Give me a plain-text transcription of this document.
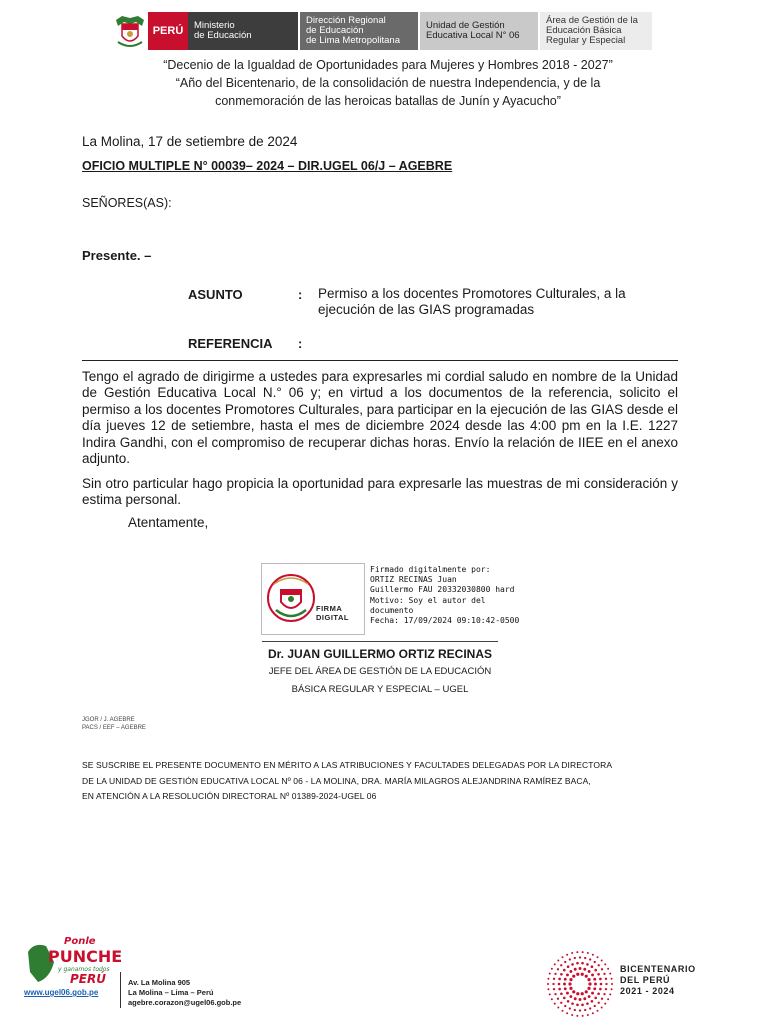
PERÚ Ministerio
de Educación
Dirección Regional
de Educación
de Lima Metropolitana
Unidad de Gestión
Educativa Local N° 06
Área de Gestión de la
Educación Básica
Regular y Especial
“Decenio de la Igualdad de Oportunidades para Mujeres y Hombres 2018 - 2027”
“Año del Bicentenario, de la consolidación de nuestra Independencia, y de la
conmemoración de las heroicas batallas de Junín y Ayacucho”
La Molina, 17 de setiembre de 2024
OFICIO MULTIPLE N° 00039– 2024 – DIR.UGEL 06/J – AGEBRE
SEÑORES(AS):
Presente. –
ASUNTO	: Permiso a los docentes Promotores Culturales, a la ejecución de las GIAS programadas
REFERENCIA :
Tengo el agrado de dirigirme a ustedes para expresarles mi cordial saludo en nombre de la Unidad de Gestión Educativa Local N.° 06 y; en virtud a los documentos de la referencia, solicito el permiso a los docentes Promotores Culturales, para participar en la ejecución de las GIAS desde el día jueves 12 de setiembre, hasta el mes de diciembre 2024 desde las 4:00 pm en la I.E. 1227 Indira Gandhi, con el compromiso de recuperar dichas horas. Envío la relación de IIEE en el anexo adjunto.
Sin otro particular hago propicia la oportunidad para expresarle las muestras de mi consideración y estima personal.
Atentamente,
FIRMA
DIGITAL
Firmado digitalmente por:
ORTIZ RECINAS Juan
Guillermo FAU 20332030800 hard
Motivo: Soy el autor del
documento
Fecha: 17/09/2024 09:10:42-0500
Dr. JUAN GUILLERMO ORTIZ RECINAS
JEFE DEL ÁREA DE GESTIÓN DE LA EDUCACIÓN
BÁSICA REGULAR Y ESPECIAL – UGEL
JGOR / J. AGEBRE
PACS / EEF – AGEBRE
SE SUSCRIBE EL PRESENTE DOCUMENTO EN MÉRITO A LAS ATRIBUCIONES Y FACULTADES DELEGADAS POR LA DIRECTORA
DE LA UNIDAD DE GESTIÓN EDUCATIVA LOCAL Nº 06 - LA MOLINA, DRA. MARÍA MILAGROS ALEJANDRINA RAMÍREZ BACA,
EN ATENCIÓN A LA RESOLUCIÓN DIRECTORAL Nº 01389-2024-UGEL 06
Ponle
PUNCHE
y ganamos todos
PERÚ
www.ugel06.gob.pe
Av. La Molina 905
La Molina – Lima – Perú
agebre.corazon@ugel06.gob.pe
BICENTENARIO
DEL PERÚ
2021 - 2024
